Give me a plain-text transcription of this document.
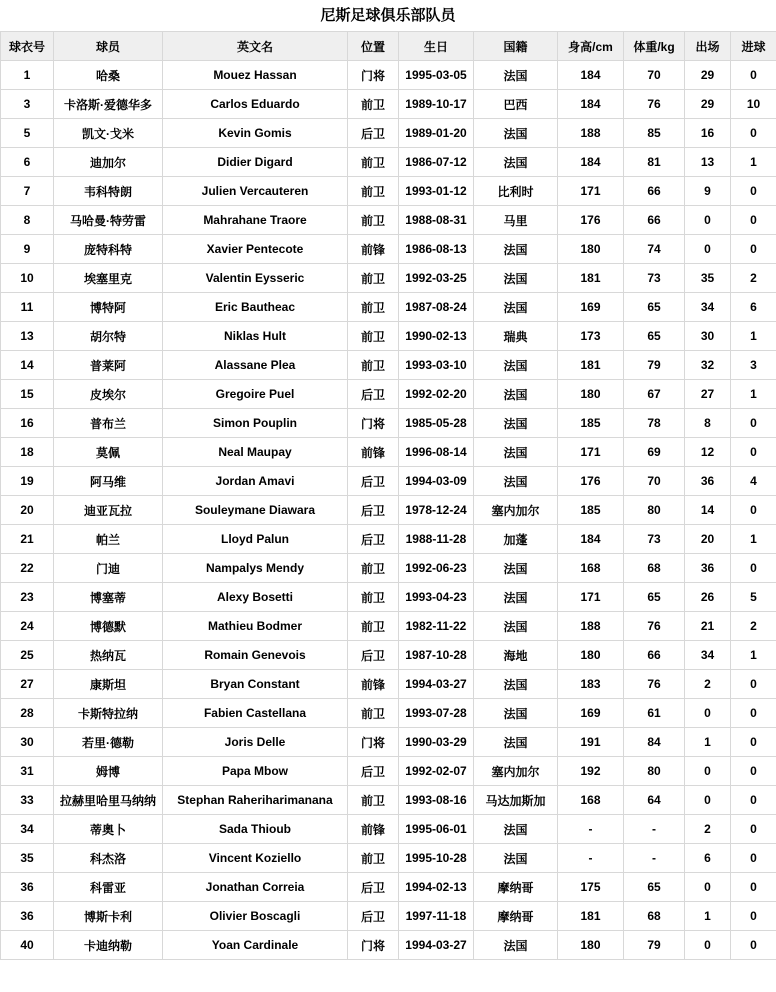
尼斯足球俱乐部队员
球衣号	球员	英文名	位置	生日	国籍	身高/cm	体重/kg	出场	进球
1	哈桑	Mouez Hassan	门将	1995-03-05	法国	184	70	29	0
3	卡洛斯·爱德华多	Carlos Eduardo	前卫	1989-10-17	巴西	184	76	29	10
5	凯文·戈米	Kevin Gomis	后卫	1989-01-20	法国	188	85	16	0
6	迪加尔	Didier Digard	前卫	1986-07-12	法国	184	81	13	1
7	韦科特朗	Julien Vercauteren	前卫	1993-01-12	比利时	171	66	9	0
8	马哈曼·特劳雷	Mahrahane Traore	前卫	1988-08-31	马里	176	66	0	0
9	庞特科特	Xavier Pentecote	前锋	1986-08-13	法国	180	74	0	0
10	埃塞里克	Valentin Eysseric	前卫	1992-03-25	法国	181	73	35	2
11	博特阿	Eric Bautheac	前卫	1987-08-24	法国	169	65	34	6
13	胡尔特	Niklas Hult	前卫	1990-02-13	瑞典	173	65	30	1
14	普莱阿	Alassane Plea	前卫	1993-03-10	法国	181	79	32	3
15	皮埃尔	Gregoire Puel	后卫	1992-02-20	法国	180	67	27	1
16	普布兰	Simon Pouplin	门将	1985-05-28	法国	185	78	8	0
18	莫佩	Neal Maupay	前锋	1996-08-14	法国	171	69	12	0
19	阿马维	Jordan Amavi	后卫	1994-03-09	法国	176	70	36	4
20	迪亚瓦拉	Souleymane Diawara	后卫	1978-12-24	塞内加尔	185	80	14	0
21	帕兰	Lloyd Palun	后卫	1988-11-28	加蓬	184	73	20	1
22	门迪	Nampalys Mendy	前卫	1992-06-23	法国	168	68	36	0
23	博塞蒂	Alexy Bosetti	前卫	1993-04-23	法国	171	65	26	5
24	博德默	Mathieu Bodmer	前卫	1982-11-22	法国	188	76	21	2
25	热纳瓦	Romain Genevois	后卫	1987-10-28	海地	180	66	34	1
27	康斯坦	Bryan Constant	前锋	1994-03-27	法国	183	76	2	0
28	卡斯特拉纳	Fabien Castellana	前卫	1993-07-28	法国	169	61	0	0
30	若里·德勒	Joris Delle	门将	1990-03-29	法国	191	84	1	0
31	姆博	Papa Mbow	后卫	1992-02-07	塞内加尔	192	80	0	0
33	拉赫里哈里马纳纳	Stephan Raheriharimanana	前卫	1993-08-16	马达加斯加	168	64	0	0
34	蒂奥卜	Sada Thioub	前锋	1995-06-01	法国	-	-	2	0
35	科杰洛	Vincent Koziello	前卫	1995-10-28	法国	-	-	6	0
36	科雷亚	Jonathan Correia	后卫	1994-02-13	摩纳哥	175	65	0	0
36	博斯卡利	Olivier Boscagli	后卫	1997-11-18	摩纳哥	181	68	1	0
40	卡迪纳勒	Yoan Cardinale	门将	1994-03-27	法国	180	79	0	0
